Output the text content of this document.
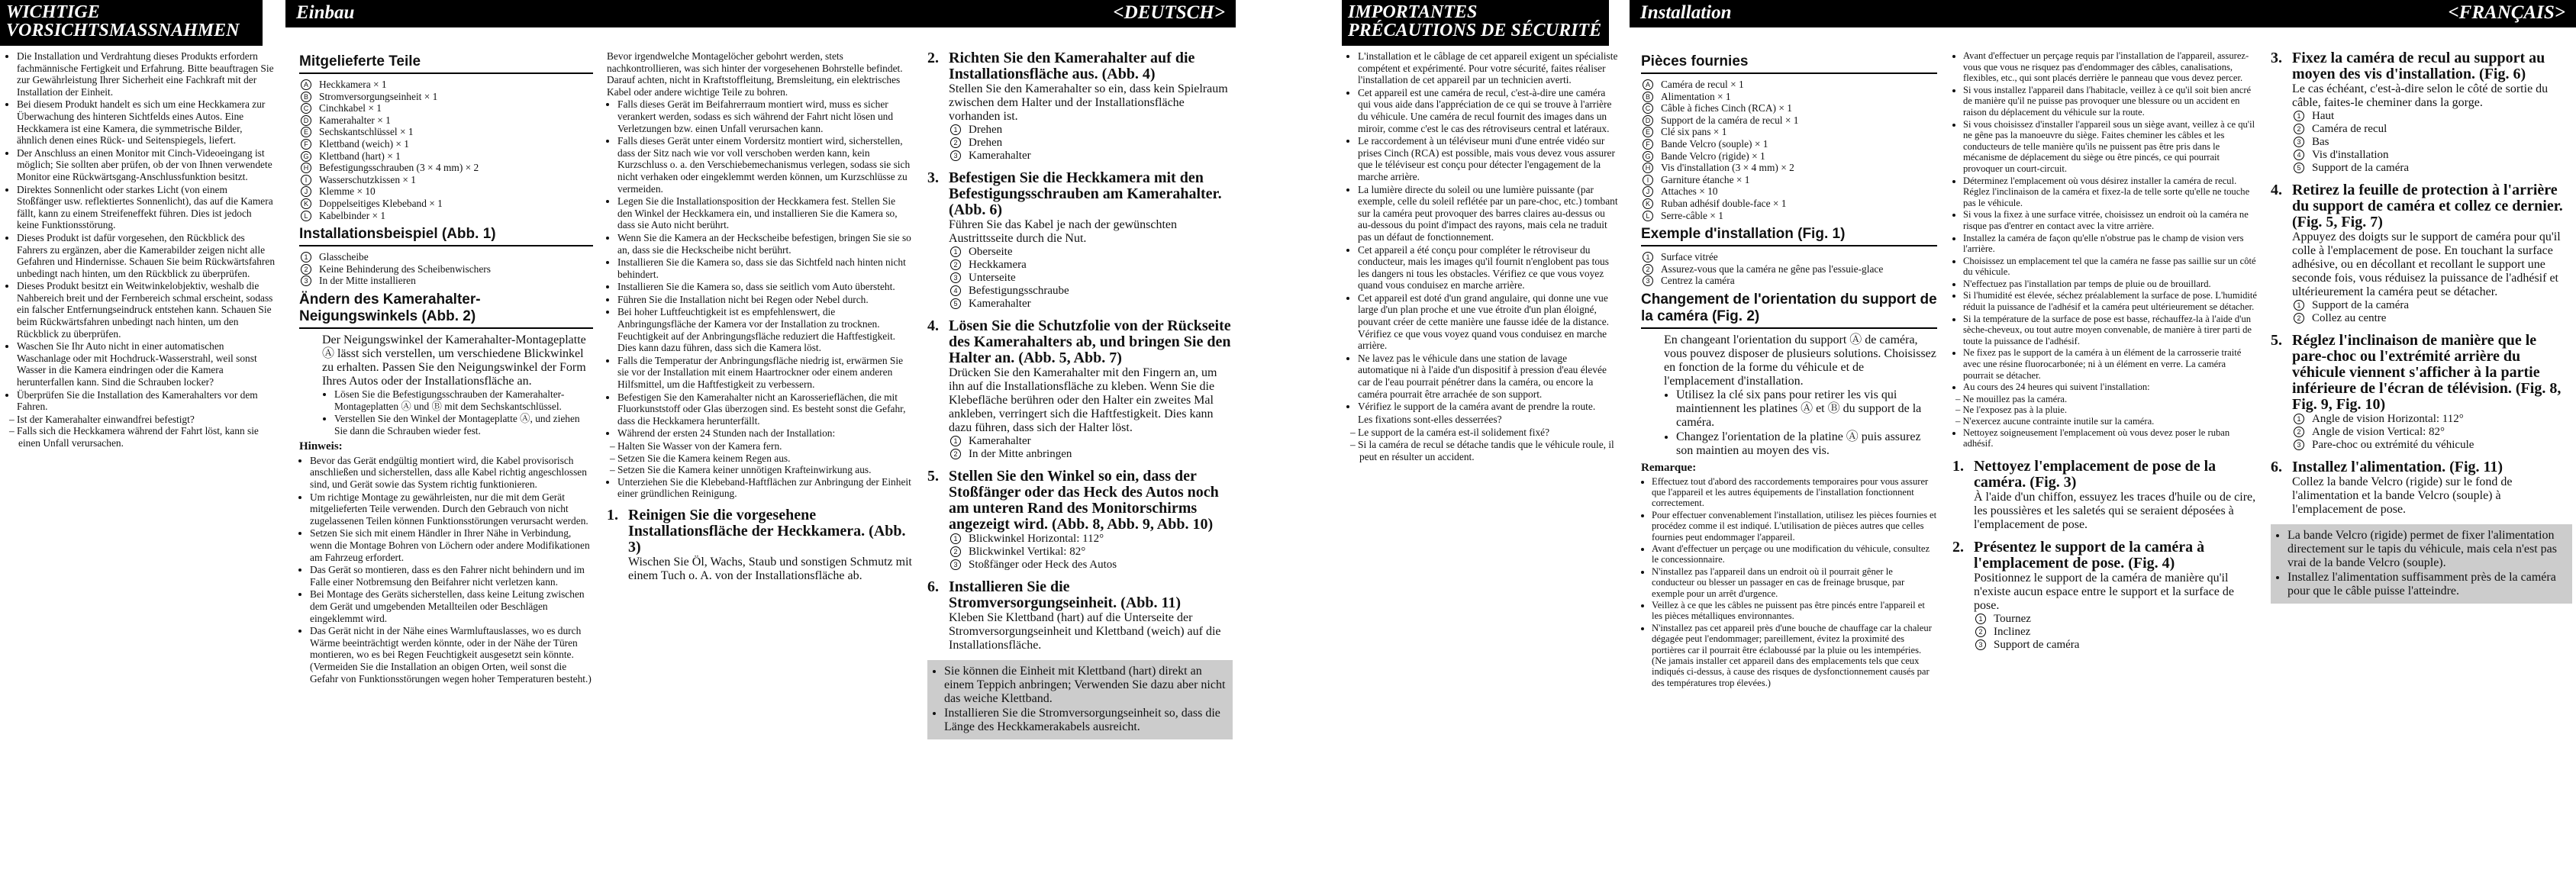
WICHTIGE VORSICHTSMASSNAHMEN
Einbau	<DEUTSCH>
• Die Installation und Verdrahtung dieses Produkts erfordern fachmännische Fertigkeit und Erfahrung. Bitte beauftragen Sie zur Gewährleistung Ihrer Sicherheit eine Fachkraft mit der Installation der Einheit.
• Bei diesem Produkt handelt es sich um eine Heckkamera zur Überwachung des hinteren Sichtfelds eines Autos. Eine Heckkamera ist eine Kamera, die symmetrische Bilder, ähnlich denen eines Rück- und Seitenspiegels, liefert.
• Der Anschluss an einen Monitor mit Cinch-Videoeingang ist möglich; Sie sollten aber prüfen, ob der von Ihnen verwendete Monitor eine Rückwärtsgang-Anschlussfunktion besitzt.
• Direktes Sonnenlicht oder starkes Licht (von einem Stoßfänger usw. reflektiertes Sonnenlicht), das auf die Kamera fällt, kann zu einem Streifeneffekt führen. Dies ist jedoch keine Funktionsstörung.
• Dieses Produkt ist dafür vorgesehen, den Rückblick des Fahrers zu ergänzen, aber die Kamerabilder zeigen nicht alle Gefahren und Hindernisse. Schauen Sie beim Rückwärtsfahren unbedingt nach hinten, um den Rückblick zu überprüfen.
• Dieses Produkt besitzt ein Weitwinkelobjektiv, weshalb die Nahbereich breit und der Fernbereich schmal erscheint, sodass ein falscher Entfernungseindruck entstehen kann. Schauen Sie beim Rückwärtsfahren unbedingt nach hinten, um den Rückblick zu überprüfen.
• Waschen Sie Ihr Auto nicht in einer automatischen Waschanlage oder mit Hochdruck-Wasserstrahl, weil sonst Wasser in die Kamera eindringen oder die Kamera herunterfallen kann. Sind die Schrauben locker?
• Überprüfen Sie die Installation des Kamerahalters vor dem Fahren.
– Ist der Kamerahalter einwandfrei befestigt?
– Falls sich die Heckkamera während der Fahrt löst, kann sie einen Unfall verursachen.
Mitgelieferte Teile
A Heckkamera × 1
B Stromversorgungseinheit × 1
C Cinchkabel × 1
D Kamerahalter × 1
E Sechskantschlüssel × 1
F	Klettband (weich) × 1
G Klettband (hart) × 1
H Befestigungsschrauben (3 × 4 mm) × 2
I	Wasserschutzkissen × 1
J	Klemme × 10
K Doppelseitiges Klebeband × 1
L	Kabelbinder × 1
Installationsbeispiel (Abb. 1)
1	Glasscheibe
2	Keine Behinderung des Scheibenwischers
3	In der Mitte installieren
Ändern des Kamerahalter-Neigungswinkels (Abb. 2)
Der Neigungswinkel der Kamerahalter-Montageplatte Ⓐ lässt sich verstellen, um verschiedene Blickwinkel zu erhalten. Passen Sie den Neigungswinkel der Form Ihres Autos oder der Installationsfläche an.
• Lösen Sie die Befestigungsschrauben der Kamerahalter-Montageplatten Ⓐ und Ⓑ mit dem Sechskantschlüssel.
• Verstellen Sie den Winkel der Montageplatte Ⓐ, und ziehen Sie dann die Schrauben wieder fest.
Hinweis:
• Bevor das Gerät endgültig montiert wird, die Kabel provisorisch anschließen und sicherstellen, dass alle Kabel richtig angeschlossen sind, und Gerät sowie das System richtig funktionieren.
• Um richtige Montage zu gewährleisten, nur die mit dem Gerät mitgelieferten Teile verwenden. Durch den Gebrauch von nicht zugelassenen Teilen können Funktionsstörungen verursacht werden.
• Setzen Sie sich mit einem Händler in Ihrer Nähe in Verbindung, wenn die Montage Bohren von Löchern oder andere Modifikationen am Fahrzeug erfordert.
• Das Gerät so montieren, dass es den Fahrer nicht behindern und im Falle einer Notbremsung den Beifahrer nicht verletzen kann.
• Bei Montage des Geräts sicherstellen, dass keine Leitung zwischen dem Gerät und umgebenden Metallteilen oder Beschlägen eingeklemmt wird.
• Das Gerät nicht in der Nähe eines Warmluftauslasses, wo es durch Wärme beeinträchtigt werden könnte, oder in der Nähe der Türen montieren, wo es bei Regen Feuchtigkeit ausgesetzt sein könnte. (Vermeiden Sie die Installation an obigen Orten, weil sonst die Gefahr von Funktionsstörungen wegen hoher Temperaturen besteht.)
Bevor irgendwelche Montagelöcher gebohrt werden, stets nachkontrollieren, was sich hinter der vorgesehenen Bohrstelle befindet. Darauf achten, nicht in Kraftstoffleitung, Bremsleitung, ein elektrisches Kabel oder andere wichtige Teile zu bohren.
• Falls dieses Gerät im Beifahrerraum montiert wird, muss es sicher verankert werden, sodass es sich während der Fahrt nicht lösen und Verletzungen bzw. einen Unfall verursachen kann.
• Falls dieses Gerät unter einem Vordersitz montiert wird, sicherstellen, dass der Sitz nach wie vor voll verschoben werden kann, kein Kurzschluss o. a. den Verschiebemechanismus verlegen, sodass sie sich nicht verhaken oder eingeklemmt werden können, um Kurzschlüsse zu vermeiden.
• Legen Sie die Installationsposition der Heckkamera fest. Stellen Sie den Winkel der Heckkamera ein, und installieren Sie die Kamera so, dass sie Auto nicht berührt.
• Wenn Sie die Kamera an der Heckscheibe befestigen, bringen Sie sie so an, dass sie die Heckscheibe nicht berührt.
• Installieren Sie die Kamera so, dass sie das Sichtfeld nach hinten nicht behindert.
• Installieren Sie die Kamera so, dass sie seitlich vom Auto übersteht.
• Führen Sie die Installation nicht bei Regen oder Nebel durch.
• Bei hoher Luftfeuchtigkeit ist es empfehlenswert, die Anbringungsfläche der Kamera vor der Installation zu trocknen. Feuchtigkeit auf der Anbringungsfläche reduziert die Haftfestigkeit. Dies kann dazu führen, dass sich die Kamera löst.
• Falls die Temperatur der Anbringungsfläche niedrig ist, erwärmen Sie sie vor der Installation mit einem Haartrockner oder einem anderen Hilfsmittel, um die Haftfestigkeit zu verbessern.
• Befestigen Sie den Kamerahalter nicht an Karosserieflächen, die mit Fluorkunststoff oder Glas überzogen sind. Es besteht sonst die Gefahr, dass die Heckkamera herunterfällt.
• Während der ersten 24 Stunden nach der Installation:
– Halten Sie Wasser von der Kamera fern.
– Setzen Sie die Kamera keinem Regen aus.
– Setzen Sie die Kamera keiner unnötigen Krafteinwirkung aus.
• Unterziehen Sie die Klebeband-Haftflächen zur Anbringung der Einheit einer gründlichen Reinigung.
1. Reinigen Sie die vorgesehene Installationsfläche der Heckkamera. (Abb. 3)
Wischen Sie Öl, Wachs, Staub und sonstigen Schmutz mit einem Tuch o. A. von der Installationsfläche ab.
2. Richten Sie den Kamerahalter auf die Installationsfläche aus. (Abb. 4)
Stellen Sie den Kamerahalter so ein, dass kein Spielraum zwischen dem Halter und der Installationsfläche vorhanden ist.
1 Drehen
2 Drehen
3 Kamerahalter
3. Befestigen Sie die Heckkamera mit den Befestigungsschrauben am Kamerahalter. (Abb. 6)
Führen Sie das Kabel je nach der gewünschten Austrittsseite durch die Nut.
1 Oberseite
2 Heckkamera
3 Unterseite
4 Befestigungsschraube
5 Kamerahalter
4. Lösen Sie die Schutzfolie von der Rückseite des Kamerahalters ab, und bringen Sie den Halter an. (Abb. 5, Abb. 7)
Drücken Sie den Kamerahalter mit den Fingern an, um ihn auf die Installationsfläche zu kleben. Wenn Sie die Klebefläche berühren oder den Halter ein zweites Mal ankleben, verringert sich die Haftfestigkeit. Dies kann dazu führen, dass sich der Halter löst.
1 Kamerahalter
2 In der Mitte anbringen
5. Stellen Sie den Winkel so ein, dass der Stoßfänger oder das Heck des Autos noch am unteren Rand des Monitorschirms angezeigt wird. (Abb. 8, Abb. 9, Abb. 10)
1 Blickwinkel Horizontal: 112°
2 Blickwinkel Vertikal: 82°
3 Stoßfänger oder Heck des Autos
6. Installieren Sie die Stromversorgungseinheit. (Abb. 11)
Kleben Sie Klettband (hart) auf die Unterseite der Stromversorgungseinheit und Klettband (weich) auf die Installationsfläche.
• Sie können die Einheit mit Klettband (hart) direkt an einem Teppich anbringen; Verwenden Sie dazu aber nicht das weiche Klettband.
• Installieren Sie die Stromversorgungseinheit so, dass die Länge des Heckkamerakabels ausreicht.
IMPORTANTES PRÉCAUTIONS DE SÉCURITÉ
Installation	<FRANÇAIS>
• L'installation et le câblage de cet appareil exigent un spécialiste compétent et expérimenté. Pour votre sécurité, faites réaliser l'installation de cet appareil par un technicien averti.
• Cet appareil est une caméra de recul, c'est-à-dire une caméra qui vous aide dans l'appréciation de ce qui se trouve à l'arrière du véhicule. Une caméra de recul fournit des images dans un miroir, comme c'est le cas des rétroviseurs central et latéraux.
• Le raccordement à un téléviseur muni d'une entrée vidéo sur prises Cinch (RCA) est possible, mais vous devez vous assurer que le téléviseur est conçu pour détecter l'engagement de la marche arrière.
• La lumière directe du soleil ou une lumière puissante (par exemple, celle du soleil reflétée par un pare-choc, etc.) tombant sur la caméra peut provoquer des barres claires au-dessus ou au-dessous du point d'impact des rayons, mais cela ne traduit pas un défaut de fonctionnement.
• Cet appareil a été conçu pour compléter le rétroviseur du conducteur, mais les images qu'il fournit n'englobent pas tous les dangers ni tous les obstacles. Vérifiez ce que vous voyez quand vous conduisez en marche arrière.
• Cet appareil est doté d'un grand angulaire, qui donne une vue large d'un plan proche et une vue étroite d'un plan éloigné, pouvant créer de cette manière une fausse idée de la distance. Vérifiez ce que vous voyez quand vous conduisez en marche arrière.
• Ne lavez pas le véhicule dans une station de lavage automatique ni à l'aide d'un dispositif à pression d'eau élevée car de l'eau pourrait pénétrer dans la caméra, ou encore la caméra pourrait être arrachée de son support.
• Vérifiez le support de la caméra avant de prendre la route.

Les fixations sont-elles desserrées?

– Le support de la caméra est-il solidement fixé?
– Si la caméra de recul se détache tandis que le véhicule roule, il peut en résulter un accident.
Pièces fournies
A Caméra de recul × 1
B Alimentation × 1
C Câble à fiches Cinch (RCA) × 1
D Support de la caméra de recul × 1
E Clé six pans × 1
F	Bande Velcro (souple) × 1
G Bande Velcro (rigide) × 1
H Vis d'installation (3 × 4 mm) × 2
I	Garniture étanche × 1
J	Attaches × 10
K Ruban adhésif double-face × 1
L	Serre-câble × 1
Exemple d'installation (Fig. 1)
1	Surface vitrée
2	Assurez-vous que la caméra ne gêne pas l'essuie-glace
3	Centrez la caméra
Changement de l'orientation du support de la caméra (Fig. 2)
En changeant l'orientation du support Ⓐ de caméra, vous pouvez disposer de plusieurs solutions. Choisissez en fonction de la forme du véhicule et de l'emplacement d'installation.
• Utilisez la clé six pans pour retirer les vis qui maintiennent les platines Ⓐ et Ⓑ du support de la caméra.
• Changez l'orientation de la platine Ⓐ puis assurez son maintien au moyen des vis.
Remarque:
• Effectuez tout d'abord des raccordements temporaires pour vous assurer que l'appareil et les autres équipements de l'installation fonctionnent correctement.
• Pour effectuer convenablement l'installation, utilisez les pièces fournies et procédez comme il est indiqué. L'utilisation de pièces autres que celles fournies peut endommager l'appareil.
• Avant d'effectuer un perçage ou une modification du véhicule, consultez le concessionnaire.
• N'installez pas l'appareil dans un endroit où il pourrait gêner le conducteur ou blesser un passager en cas de freinage brusque, par exemple pour un arrêt d'urgence.
• Veillez à ce que les câbles ne puissent pas être pincés entre l'appareil et les pièces métalliques environnantes.
• N'installez pas cet appareil près d'une bouche de chauffage car la chaleur dégagée peut l'endommager; pareillement, évitez la proximité des portières car il pourrait être éclaboussé par la pluie ou les intempéries. (Ne jamais installer cet appareil dans des emplacements tels que ceux indiqués ci-dessus, à cause des risques de dysfonctionnement causés par des températures trop élevées.)
• Avant d'effectuer un perçage requis par l'installation de l'appareil, assurez-vous que vous ne risquez pas d'endommager des câbles, canalisations, flexibles, etc., qui sont placés derrière le panneau que vous devez percer.
• Si vous installez l'appareil dans l'habitacle, veillez à ce qu'il soit bien ancré de manière qu'il ne puisse pas provoquer une blessure ou un accident en raison du déplacement du véhicule sur la route.
• Si vous choisissez d'installer l'appareil sous un siège avant, veillez à ce qu'il ne gêne pas la manoeuvre du siège. Faites cheminer les câbles et les conducteurs de telle manière qu'ils ne puissent pas être pris dans le mécanisme de déplacement du siège ou être pincés, ce qui pourrait provoquer un court-circuit.
• Déterminez l'emplacement où vous désirez installer la caméra de recul. Réglez l'inclinaison de la caméra et fixez-la de telle sorte qu'elle ne touche pas le véhicule.
• Si vous la fixez à une surface vitrée, choisissez un endroit où la caméra ne risque pas d'entrer en contact avec la vitre arrière.
• Installez la caméra de façon qu'elle n'obstrue pas le champ de vision vers l'arrière.
• Choisissez un emplacement tel que la caméra ne fasse pas saillie sur un côté du véhicule.
• N'effectuez pas l'installation par temps de pluie ou de brouillard.
• Si l'humidité est élevée, séchez préalablement la surface de pose. L'humidité réduit la puissance de l'adhésif et la caméra peut ultérieurement se détacher.
• Si la température de la surface de pose est basse, réchauffez-la à l'aide d'un sèche-cheveux, ou tout autre moyen convenable, de manière à tirer parti de toute la puissance de l'adhésif.
• Ne fixez pas le support de la caméra à un élément de la carrosserie traité avec une résine fluorocarbonée; ni à un élément en verre. La caméra pourrait se détacher.
• Au cours des 24 heures qui suivent l'installation:
– Ne mouillez pas la caméra.
– Ne l'exposez pas à la pluie.
– N'exercez aucune contrainte inutile sur la caméra.
• Nettoyez soigneusement l'emplacement où vous devez poser le ruban adhésif.
1. Nettoyez l'emplacement de pose de la caméra. (Fig. 3)
À l'aide d'un chiffon, essuyez les traces d'huile ou de cire, les poussières et les saletés qui se seraient déposées à l'emplacement de pose.
2. Présentez le support de la caméra à l'emplacement de pose. (Fig. 4)
Positionnez le support de la caméra de manière qu'il n'existe aucun espace entre le support et la surface de pose.
1 Tournez
2 Inclinez
3 Support de caméra
3. Fixez la caméra de recul au support au moyen des vis d'installation. (Fig. 6)
Le cas échéant, c'est-à-dire selon le côté de sortie du câble, faites-le cheminer dans la gorge.
1 Haut
2 Caméra de recul
3 Bas
4 Vis d'installation
5 Support de la caméra
4. Retirez la feuille de protection à l'arrière du support de caméra et collez ce dernier. (Fig. 5, Fig. 7)
Appuyez des doigts sur le support de caméra pour qu'il colle à l'emplacement de pose. En touchant la surface adhésive, ou en décollant et recollant le support une seconde fois, vous réduisez la puissance de l'adhésif et ultérieurement la caméra peut se détacher.
1 Support de la caméra
2 Collez au centre
5. Réglez l'inclinaison de manière que le pare-choc ou l'extrémité arrière du véhicule viennent s'afficher à la partie inférieure de l'écran de télévision. (Fig. 8, Fig. 9, Fig. 10)
1 Angle de vision Horizontal: 112°
2 Angle de vision Vertical: 82°
3 Pare-choc ou extrémité du véhicule
6. Installez l'alimentation. (Fig. 11)
Collez la bande Velcro (rigide) sur le fond de l'alimentation et la bande Velcro (souple) à l'emplacement de pose.
• La bande Velcro (rigide) permet de fixer l'alimentation directement sur le tapis du véhicule, mais cela n'est pas vrai de la bande Velcro (souple).
• Installez l'alimentation suffisamment près de la caméra pour que le câble puisse l'atteindre.
